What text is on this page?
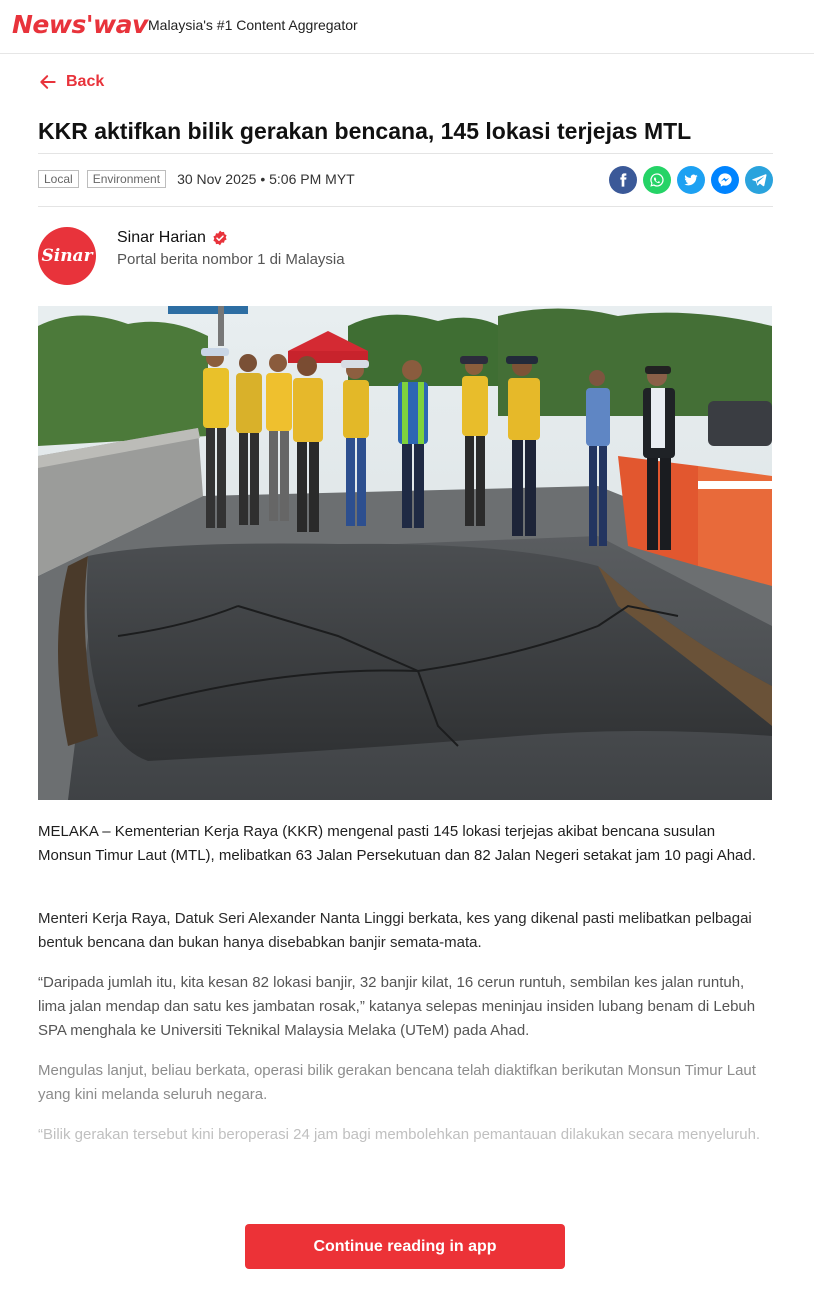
News'wav Malaysia's #1 Content Aggregator
Back
KKR aktifkan bilik gerakan bencana, 145 lokasi terjejas MTL
Local	Environment	30 Nov 2025 • 5:06 PM MYT
Sinar
Sinar Harian
Portal berita nombor 1 di Malaysia

MELAKA – Kementerian Kerja Raya (KKR) mengenal pasti 145 lokasi terjejas akibat bencana susulan Monsun Timur Laut (MTL), melibatkan 63 Jalan Persekutuan dan 82 Jalan Negeri setakat jam 10 pagi Ahad.

Menteri Kerja Raya, Datuk Seri Alexander Nanta Linggi berkata, kes yang dikenal pasti melibatkan pelbagai bentuk bencana dan bukan hanya disebabkan banjir semata-mata.

“Daripada jumlah itu, kita kesan 82 lokasi banjir, 32 banjir kilat, 16 cerun runtuh, sembilan kes jalan runtuh, lima jalan mendap dan satu kes jambatan rosak,” katanya selepas meninjau insiden lubang benam di Lebuh SPA menghala ke Universiti Teknikal Malaysia Melaka (UTeM) pada Ahad.

Mengulas lanjut, beliau berkata, operasi bilik gerakan bencana telah diaktifkan berikutan Monsun Timur Laut yang kini melanda seluruh negara.

“Bilik gerakan tersebut kini beroperasi 24 jam bagi membolehkan pemantauan dilakukan secara menyeluruh.

Continue reading in app
